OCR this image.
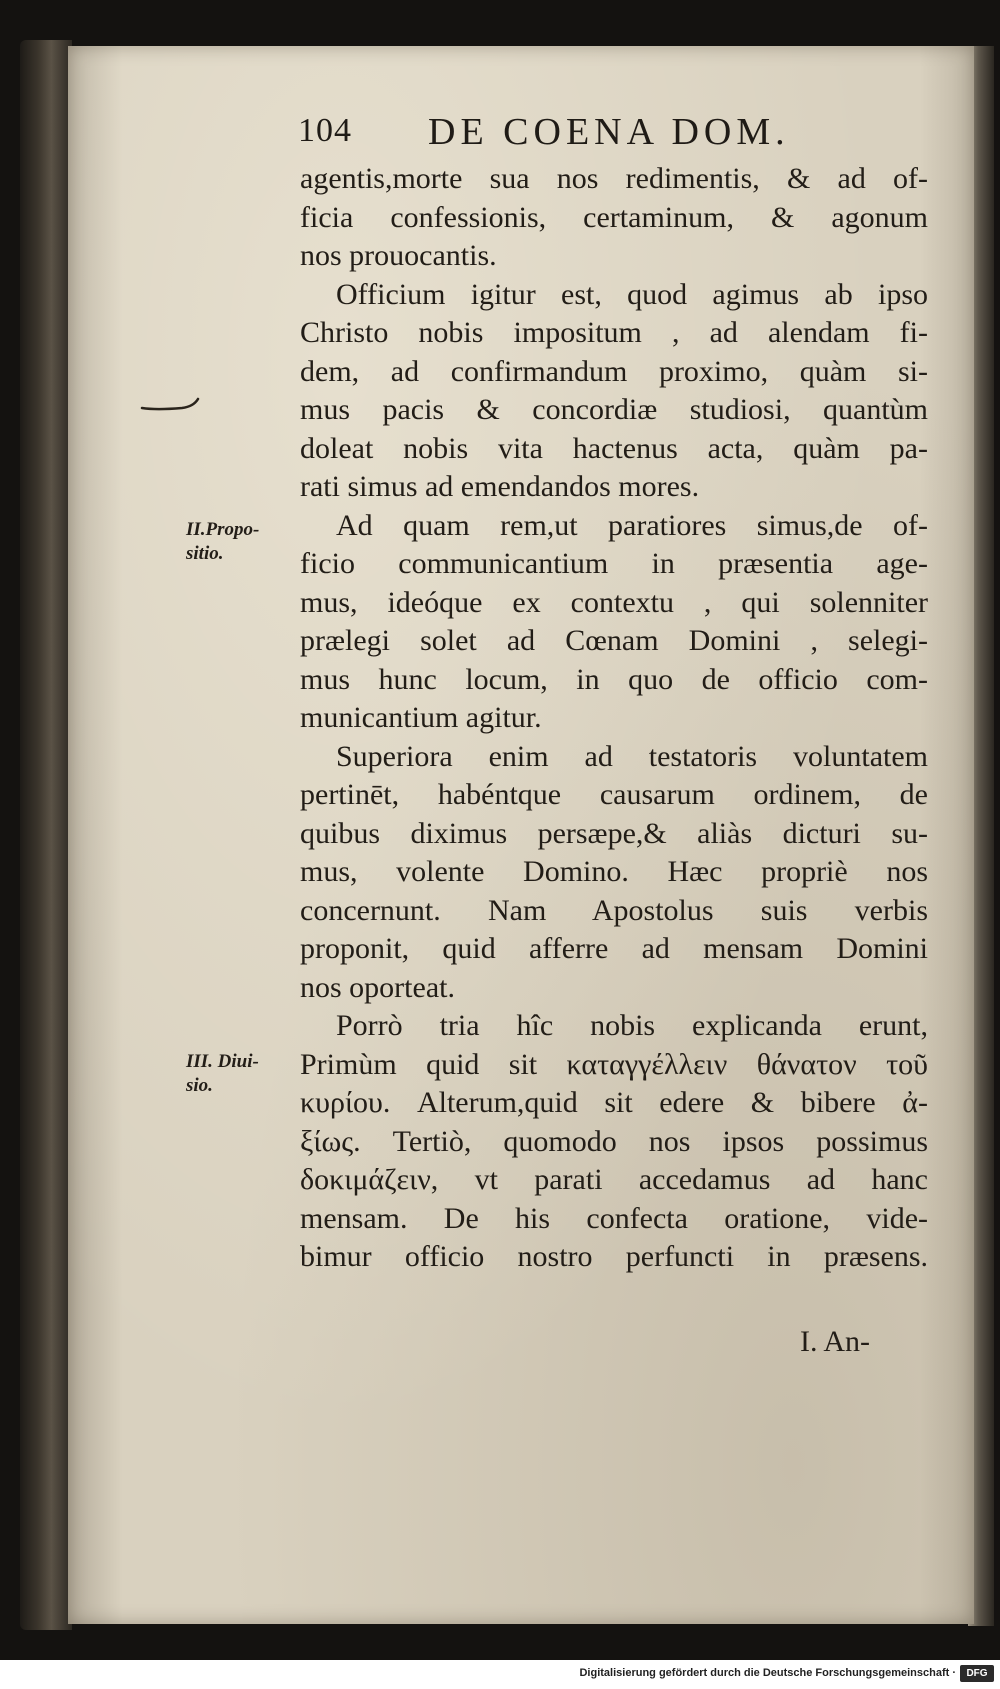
104 DE COENA DOM.
II.Propo-
sitio.
III. Diui-
sio.
agentis,morte sua nos redimentis, & ad of-
ficia confessionis, certaminum, & agonum
nos prouocantis.
Officium igitur est, quod agimus ab ipso
Christo nobis impositum , ad alendam fi-
dem, ad confirmandum proximo, quàm si-
mus pacis & concordiæ studiosi, quantùm
doleat nobis vita hactenus acta, quàm pa-
rati simus ad emendandos mores.
Ad quam rem,ut paratiores simus,de of-
ficio communicantium in præsentia age-
mus, ideóque ex contextu , qui solenniter
prælegi solet ad Cœnam Domini , selegi-
mus hunc locum, in quo de officio com-
municantium agitur.
Superiora enim ad testatoris voluntatem
pertinēt, habéntque causarum ordinem, de
quibus diximus persæpe,& aliàs dicturi su-
mus, volente Domino. Hæc propriè nos
concernunt. Nam Apostolus suis verbis
proponit, quid afferre ad mensam Domini
nos oporteat.
Porrò tria hîc nobis explicanda erunt,
Primùm quid sit καταγγέλλειν θάνατον τοῦ
κυρίου. Alterum,quid sit edere & bibere ἀ-
ξίως. Tertiò, quomodo nos ipsos possimus
δοκιμάζειν, vt parati accedamus ad hanc
mensam. De his confecta oratione, vide-
bimur officio nostro perfuncti in præsens.
I. An-
Digitalisierung gefördert durch die Deutsche Forschungsgemeinschaft ·	DFG
